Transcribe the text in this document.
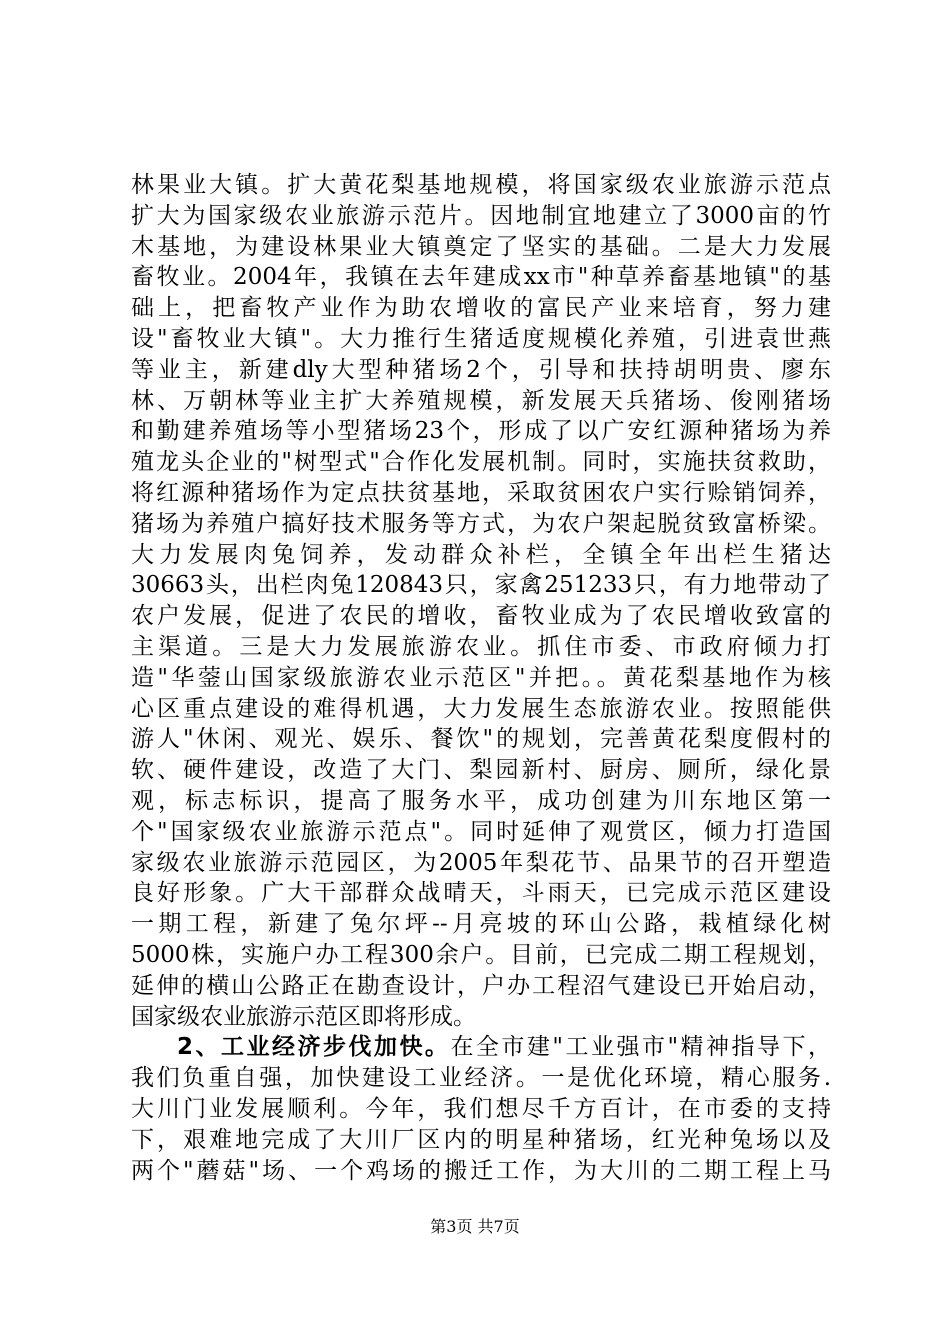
林果业大镇。扩大黄花梨基地规模，将国家级农业旅游示范点
扩大为国家级农业旅游示范片。因地制宜地建立了3000亩的竹
木基地，为建设林果业大镇奠定了坚实的基础。二是大力发展
畜牧业。2004年，我镇在去年建成xx市"种草养畜基地镇"的基
础上，把畜牧产业作为助农增收的富民产业来培育，努力建
设"畜牧业大镇"。大力推行生猪适度规模化养殖，引进袁世燕
等业主，新建dly大型种猪场2个，引导和扶持胡明贵、廖东
林、万朝林等业主扩大养殖规模，新发展天兵猪场、俊刚猪场
和勤建养殖场等小型猪场23个，形成了以广安红源种猪场为养
殖龙头企业的"树型式"合作化发展机制。同时，实施扶贫救助，
将红源种猪场作为定点扶贫基地，采取贫困农户实行赊销饲养，
猪场为养殖户搞好技术服务等方式，为农户架起脱贫致富桥梁。
大力发展肉兔饲养，发动群众补栏，全镇全年出栏生猪达
30663头，出栏肉兔120843只，家禽251233只，有力地带动了
农户发展，促进了农民的增收，畜牧业成为了农民增收致富的
主渠道。三是大力发展旅游农业。抓住市委、市政府倾力打
造"华蓥山国家级旅游农业示范区"并把。。黄花梨基地作为核
心区重点建设的难得机遇，大力发展生态旅游农业。按照能供
游人"休闲、观光、娱乐、餐饮"的规划，完善黄花梨度假村的
软、硬件建设，改造了大门、梨园新村、厨房、厕所，绿化景
观，标志标识，提高了服务水平，成功创建为川东地区第一
个"国家级农业旅游示范点"。同时延伸了观赏区，倾力打造国
家级农业旅游示范园区，为2005年梨花节、品果节的召开塑造
良好形象。广大干部群众战晴天，斗雨天，已完成示范区建设
一期工程，新建了兔尔坪--月亮坡的环山公路，栽植绿化树
5000株，实施户办工程300余户。目前，已完成二期工程规划，
延伸的横山公路正在勘查设计，户办工程沼气建设已开始启动，
国家级农业旅游示范区即将形成。
2、工业经济步伐加快。在全市建"工业强市"精神指导下，
我们负重自强，加快建设工业经济。一是优化环境，精心服务.
大川门业发展顺利。今年，我们想尽千方百计，在市委的支持
下，艰难地完成了大川厂区内的明星种猪场，红光种兔场以及
两个"蘑菇"场、一个鸡场的搬迁工作，为大川的二期工程上马
第3页 共7页
